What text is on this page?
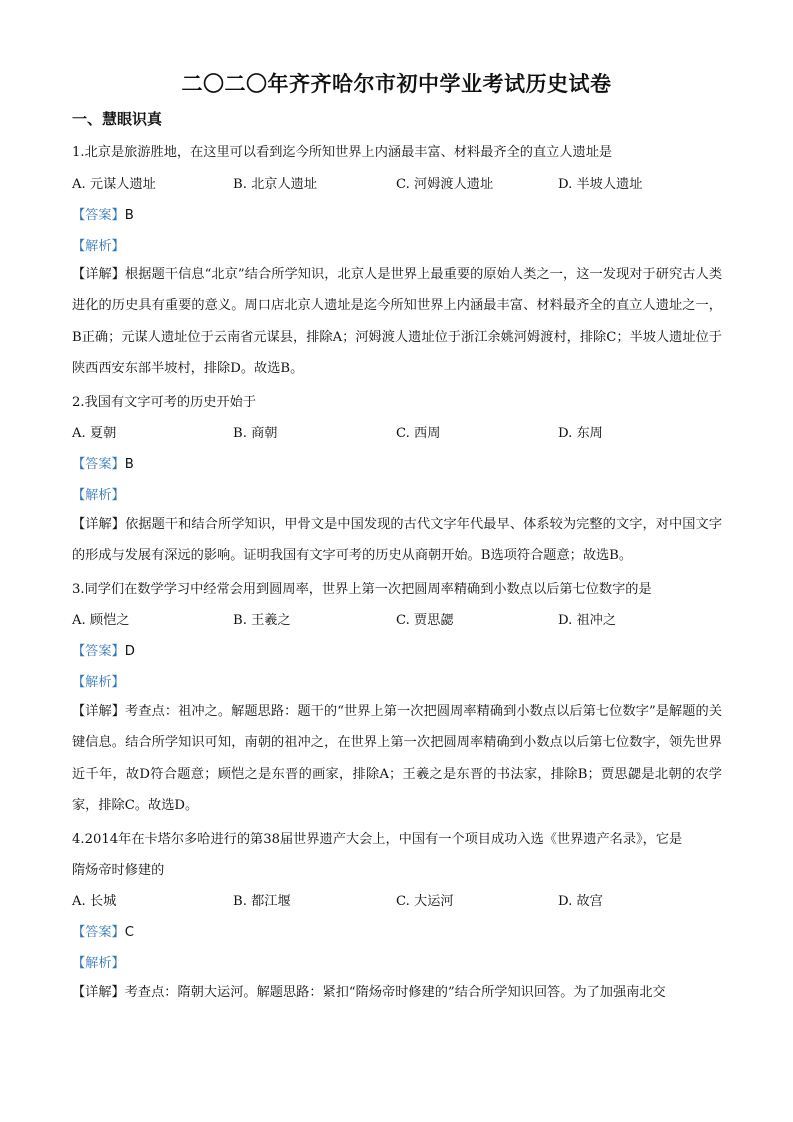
二〇二〇年齐齐哈尔市初中学业考试历史试卷
一、慧眼识真
1.北京是旅游胜地，在这里可以看到迄今所知世界上内涵最丰富、材料最齐全的直立人遗址是
A. 元谋人遗址	B. 北京人遗址	C. 河姆渡人遗址	D. 半坡人遗址
【答案】B
【解析】
【详解】根据题干信息“北京”结合所学知识，北京人是世界上最重要的原始人类之一，这一发现对于研究古人类进化的历史具有重要的意义。周口店北京人遗址是迄今所知世界上内涵最丰富、材料最齐全的直立人遗址之一，B正确；元谋人遗址位于云南省元谋县，排除A；河姆渡人遗址位于浙江余姚河姆渡村，排除C；半坡人遗址位于陕西西安东部半坡村，排除D。故选B。
2.我国有文字可考的历史开始于
A. 夏朝	B. 商朝	C. 西周	D. 东周
【答案】B
【解析】
【详解】依据题干和结合所学知识，甲骨文是中国发现的古代文字年代最早、体系较为完整的文字，对中国文字的形成与发展有深远的影响。证明我国有文字可考的历史从商朝开始。B选项符合题意；故选B。
3.同学们在数学学习中经常会用到圆周率，世界上第一次把圆周率精确到小数点以后第七位数字的是
A. 顾恺之	B. 王羲之	C. 贾思勰	D. 祖冲之
【答案】D
【解析】
【详解】考查点：祖冲之。解题思路：题干的“世界上第一次把圆周率精确到小数点以后第七位数字”是解题的关键信息。结合所学知识可知，南朝的祖冲之，在世界上第一次把圆周率精确到小数点以后第七位数字，领先世界近千年，故D符合题意；顾恺之是东晋的画家，排除A；王羲之是东晋的书法家，排除B；贾思勰是北朝的农学家，排除C。故选D。
4.2014年在卡塔尔多哈进行的第38届世界遗产大会上，中国有一个项目成功入选《世界遗产名录》，它是
隋炀帝时修建的
A. 长城	B. 都江堰	C. 大运河	D. 故宫
【答案】C
【解析】
【详解】考查点：隋朝大运河。解题思路：紧扣“隋炀帝时修建的”结合所学知识回答。为了加强南北交
